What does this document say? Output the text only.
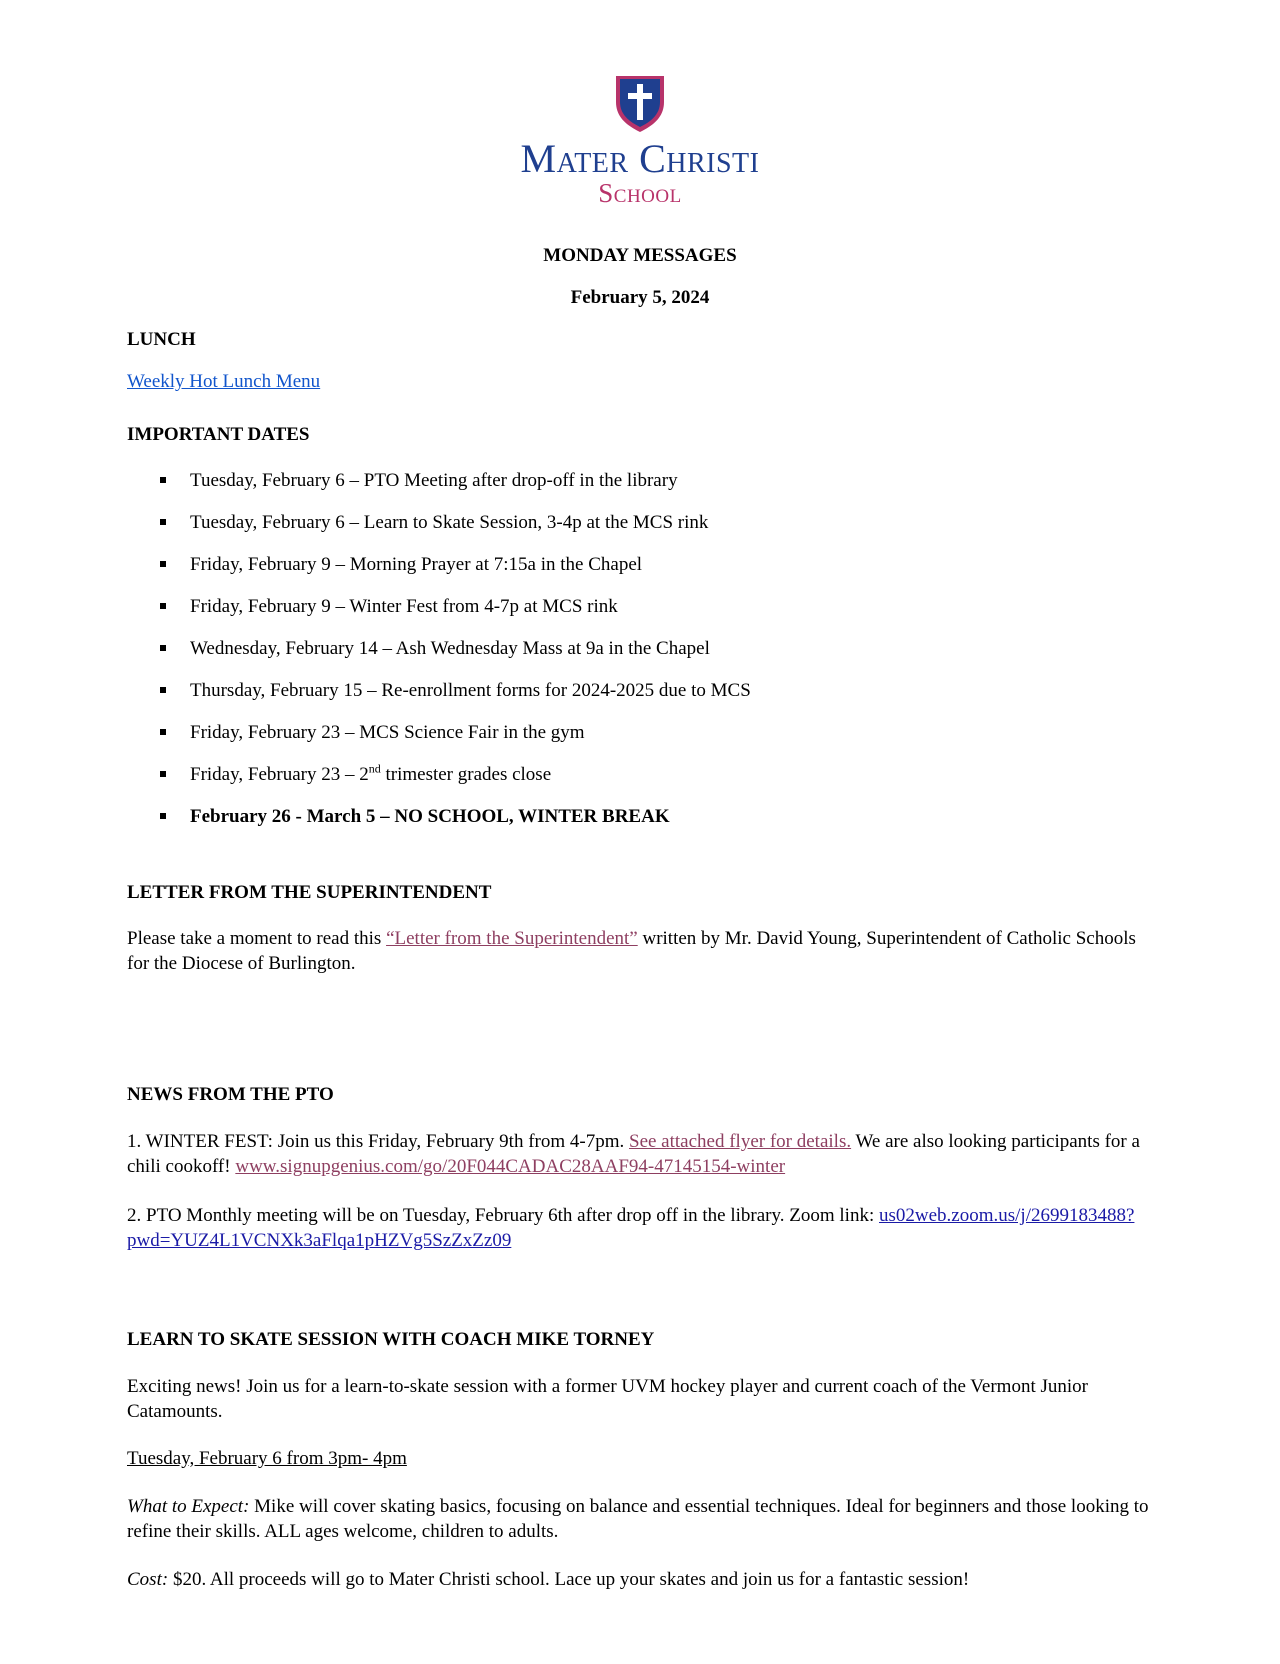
Mater Christi
School
MONDAY MESSAGES
February 5, 2024
LUNCH
Weekly Hot Lunch Menu
IMPORTANT DATES
Tuesday, February 6 – PTO Meeting after drop-off in the library
Tuesday, February 6 – Learn to Skate Session, 3-4p at the MCS rink
Friday, February 9 – Morning Prayer at 7:15a in the Chapel
Friday, February 9 – Winter Fest from 4-7p at MCS rink
Wednesday, February 14 – Ash Wednesday Mass at 9a in the Chapel
Thursday, February 15 – Re-enrollment forms for 2024-2025 due to MCS
Friday, February 23 – MCS Science Fair in the gym
Friday, February 23 – 2nd trimester grades close
February 26 - March 5 – NO SCHOOL, WINTER BREAK
LETTER FROM THE SUPERINTENDENT
Please take a moment to read this “Letter from the Superintendent” written by Mr. David Young, Superintendent of Catholic Schools for the Diocese of Burlington.
NEWS FROM THE PTO
1. WINTER FEST: Join us this Friday, February 9th from 4-7pm. See attached flyer for details. We are also looking participants for a chili cookoff! www.signupgenius.com/go/20F044CADAC28AAF94-47145154-winter
2. PTO Monthly meeting will be on Tuesday, February 6th after drop off in the library. Zoom link: us02web.zoom.us/j/2699183488?pwd=YUZ4L1VCNXk3aFlqa1pHZVg5SzZxZz09
LEARN TO SKATE SESSION WITH COACH MIKE TORNEY
Exciting news! Join us for a learn-to-skate session with a former UVM hockey player and current coach of the Vermont Junior Catamounts.
Tuesday, February 6 from 3pm- 4pm
What to Expect: Mike will cover skating basics, focusing on balance and essential techniques. Ideal for beginners and those looking to refine their skills. ALL ages welcome, children to adults.
Cost: $20. All proceeds will go to Mater Christi school. Lace up your skates and join us for a fantastic session!
